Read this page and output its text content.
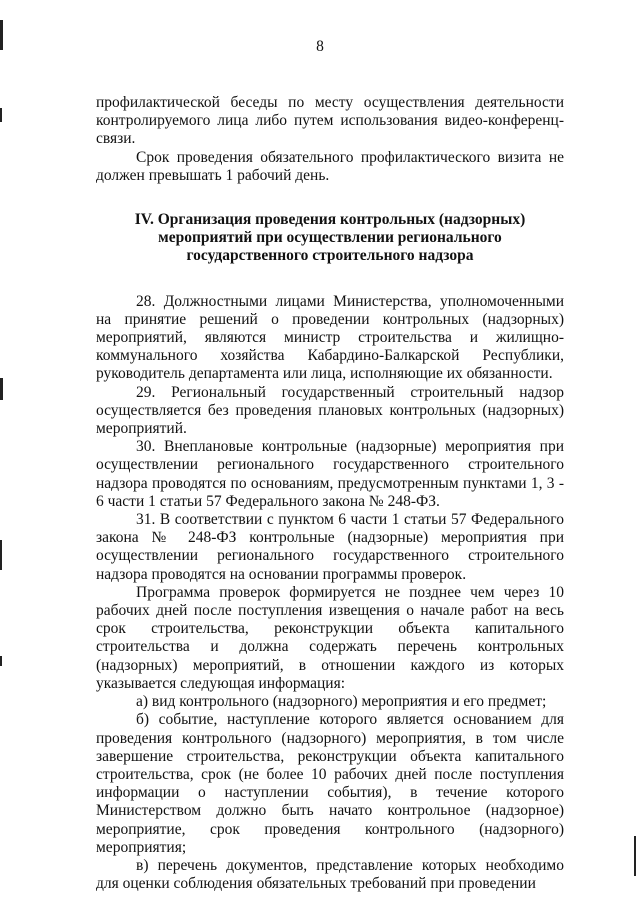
8

профилактической беседы по месту осуществления деятельности контролируемого лица либо путем использования видео-конференц-связи.

Срок проведения обязательного профилактического визита не должен превышать 1 рабочий день.

IV. Организация проведения контрольных (надзорных)
мероприятий при осуществлении регионального
государственного строительного надзора

28. Должностными лицами Министерства, уполномоченными на принятие решений о проведении контрольных (надзорных) мероприятий, являются министр строительства и жилищно-коммунального хозяйства Кабардино-Балкарской Республики, руководитель департамента или лица, исполняющие их обязанности.

29. Региональный государственный строительный надзор осуществляется без проведения плановых контрольных (надзорных) мероприятий.

30. Внеплановые контрольные (надзорные) мероприятия при осуществлении регионального государственного строительного надзора проводятся по основаниям, предусмотренным пунктами 1, 3 - 6 части 1 статьи 57 Федерального закона № 248-ФЗ.

31. В соответствии с пунктом 6 части 1 статьи 57 Федерального закона № 248-ФЗ контрольные (надзорные) мероприятия при осуществлении регионального государственного строительного надзора проводятся на основании программы проверок.

Программа проверок формируется не позднее чем через 10 рабочих дней после поступления извещения о начале работ на весь срок строительства, реконструкции объекта капитального строительства и должна содержать перечень контрольных (надзорных) мероприятий, в отношении каждого из которых указывается следующая информация:

а) вид контрольного (надзорного) мероприятия и его предмет;

б) событие, наступление которого является основанием для проведения контрольного (надзорного) мероприятия, в том числе завершение строительства, реконструкции объекта капитального строительства, срок (не более 10 рабочих дней после поступления информации о наступлении события), в течение которого Министерством должно быть начато контрольное (надзорное) мероприятие, срок проведения контрольного (надзорного) мероприятия;

в) перечень документов, представление которых необходимо для оценки соблюдения обязательных требований при проведении
